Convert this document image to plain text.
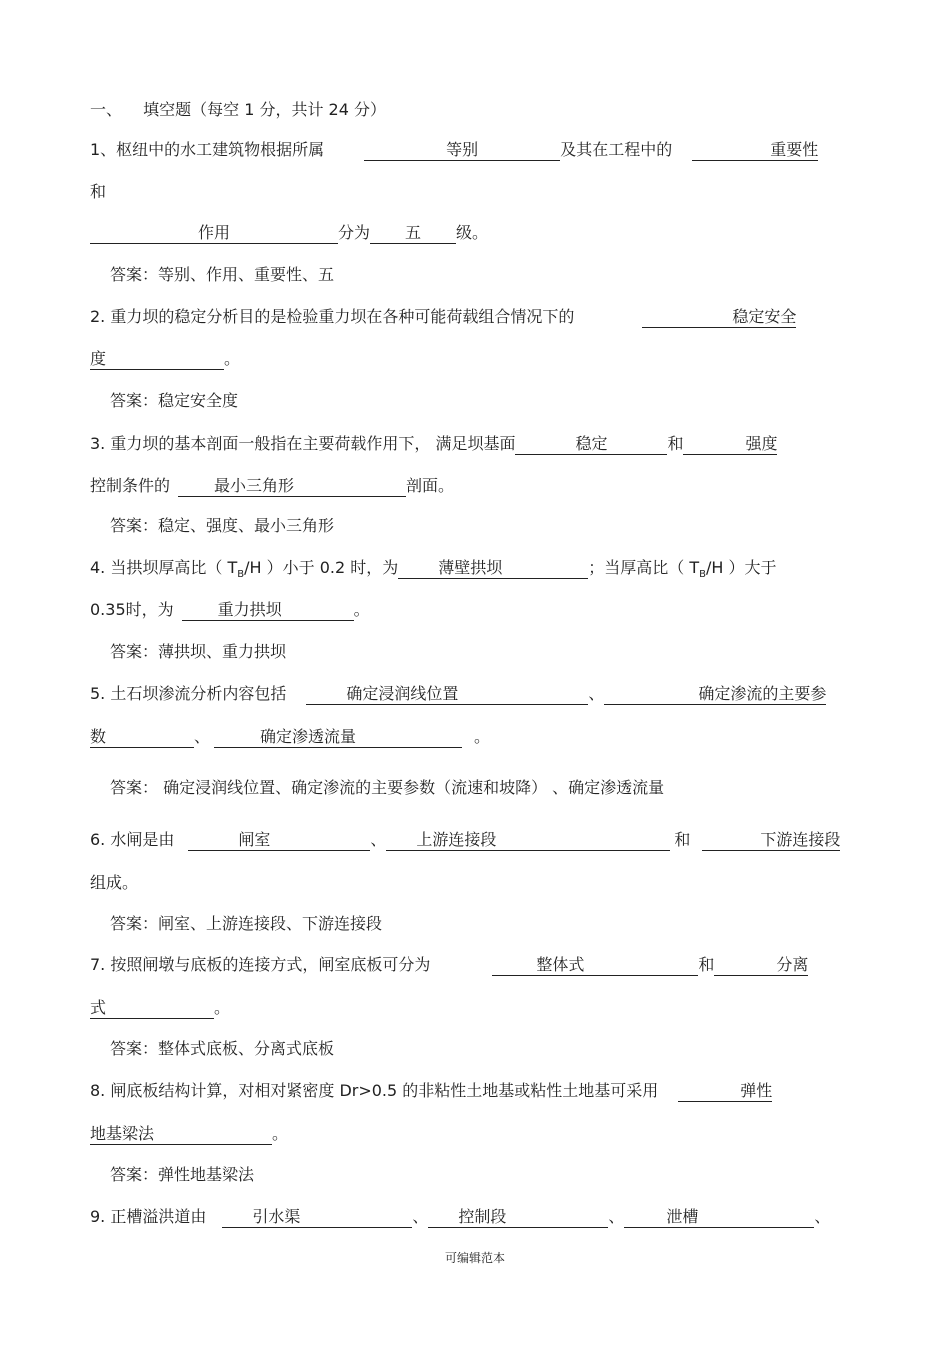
一、 填空题（每空 1 分，共计 24 分）
1、枢纽中的水工建筑物根据所属	等别	及其在工程中的	重要性
和
作用	分为 五 级。
答案：等别、作用、重要性、五
2. 重力坝的稳定分析目的是检验重力坝在各种可能荷载组合情况下的	稳定安全
度	。
答案：稳定安全度
3. 重力坝的基本剖面一般指在主要荷载作用下， 满足坝基面	稳定	和	强度
控制条件的	最小三角形	剖面。
答案：稳定、强度、最小三角形
4. 当拱坝厚高比（ $T_B/H$ ）小于 0.2 时，为	薄壁拱坝	；当厚高比（ $T_B/H$ ）大于
0.35时，为	重力拱坝	。
答案：薄拱坝、重力拱坝
5. 土石坝渗流分析内容包括	确定浸润线位置	、	确定渗流的主要参
数	、	确定渗透流量	。
答案： 确定浸润线位置、确定渗流的主要参数（流速和坡降） 、确定渗透流量
6. 水闸是由	闸室	、 上游连接段	和	下游连接段
组成。
答案：闸室、上游连接段、下游连接段
7. 按照闸墩与底板的连接方式，闸室底板可分为	整体式	和	分离
式	。
答案：整体式底板、分离式底板
8. 闸底板结构计算，对相对紧密度 Dr>0.5 的非粘性土地基或粘性土地基可采用	弹性
地基梁法	。
答案：弹性地基梁法
9. 正槽溢洪道由	引水渠	、 控制段	、	泄槽	、
可编辑范本
